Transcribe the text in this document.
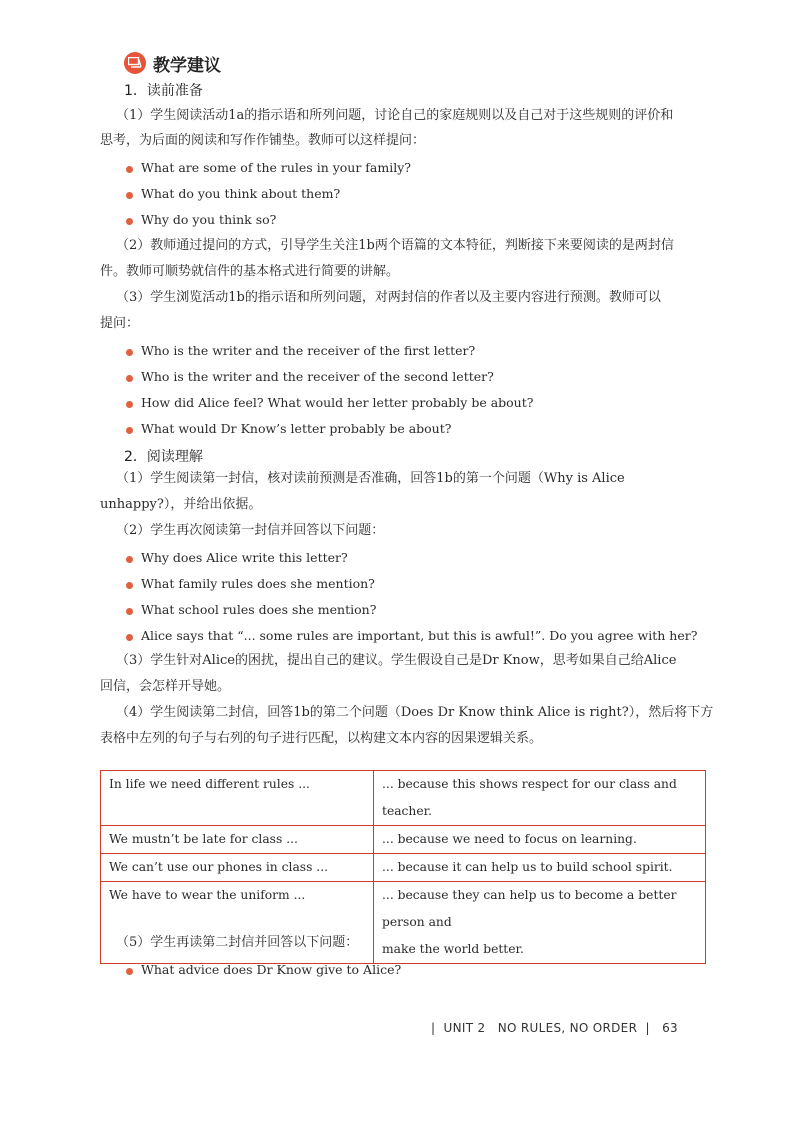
教学建议
1．读前准备
（1）学生阅读活动1a的指示语和所列问题，讨论自己的家庭规则以及自己对于这些规则的评价和
思考，为后面的阅读和写作作铺垫。教师可以这样提问：
What are some of the rules in your family?
What do you think about them?
Why do you think so?
（2）教师通过提问的方式，引导学生关注1b两个语篇的文本特征，判断接下来要阅读的是两封信
件。教师可顺势就信件的基本格式进行简要的讲解。
（3）学生浏览活动1b的指示语和所列问题，对两封信的作者以及主要内容进行预测。教师可以
提问：
Who is the writer and the receiver of the first letter?
Who is the writer and the receiver of the second letter?
How did Alice feel? What would her letter probably be about?
What would Dr Know’s letter probably be about?
2．阅读理解
（1）学生阅读第一封信，核对读前预测是否准确，回答1b的第一个问题（Why is Alice
unhappy?），并给出依据。
（2）学生再次阅读第一封信并回答以下问题：
Why does Alice write this letter?
What family rules does she mention?
What school rules does she mention?
Alice says that “... some rules are important, but this is awful!”. Do you agree with her?
（3）学生针对Alice的困扰，提出自己的建议。学生假设自己是Dr Know，思考如果自己给Alice
回信，会怎样开导她。
（4）学生阅读第二封信，回答1b的第二个问题（Does Dr Know think Alice is right?），然后将下方
表格中左列的句子与右列的句子进行匹配，以构建文本内容的因果逻辑关系。
In life we need different rules ...	... because this shows respect for our class and teacher.
We mustn’t be late for class ...	... because we need to focus on learning.
We can’t use our phones in class ...	... because it can help us to build school spirit.
We have to wear the uniform ...	... because they can help us to become a better person and
make the world better.
（5）学生再读第二封信并回答以下问题：
What advice does Dr Know give to Alice?
|  UNIT 2 NO RULES, NO ORDER |   63
